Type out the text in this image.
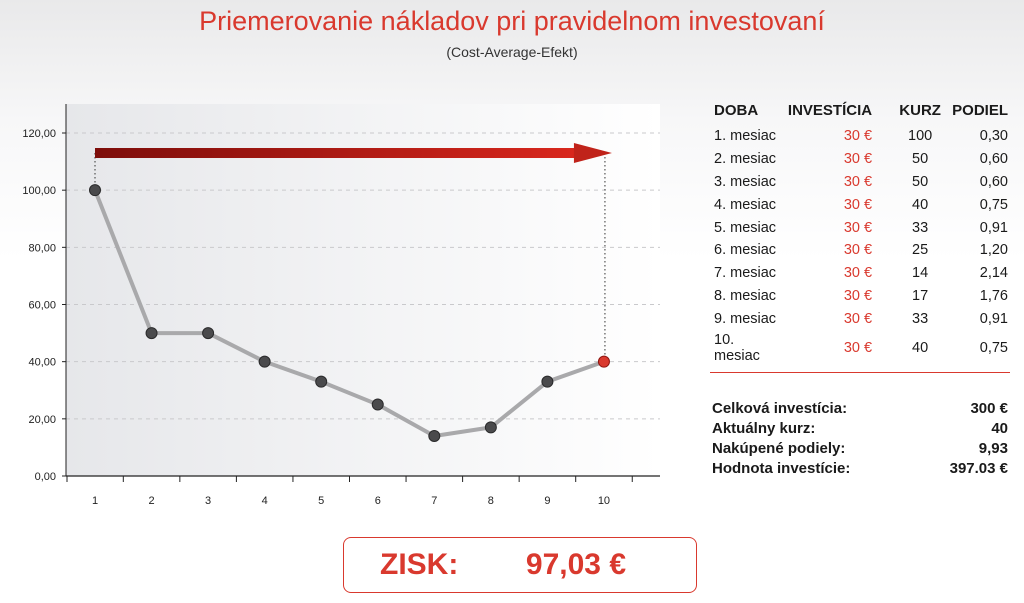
Priemerovanie nákladov pri pravidelnom investovaní
(Cost-Average-Efekt)
0,00
20,00
40,00
60,00
80,00
100,00
120,00
1	2	3	4	5	6	7	8	9	10
DOBA	INVESTÍCIA	KURZ	PODIEL
1. mesiac	30 €	100	0,30
2. mesiac	30 €	50	0,60
3. mesiac	30 €	50	0,60
4. mesiac	30 €	40	0,75
5. mesiac	30 €	33	0,91
6. mesiac	30 €	25	1,20
7. mesiac	30 €	14	2,14
8. mesiac	30 €	17	1,76
9. mesiac	30 €	33	0,91
10. mesiac	30 €	40	0,75
Celková investícia:	300 €
Aktuálny kurz:	40
Nakúpené podiely:	9,93
Hodnota investície:	397.03 €
ZISK: 97,03 €
